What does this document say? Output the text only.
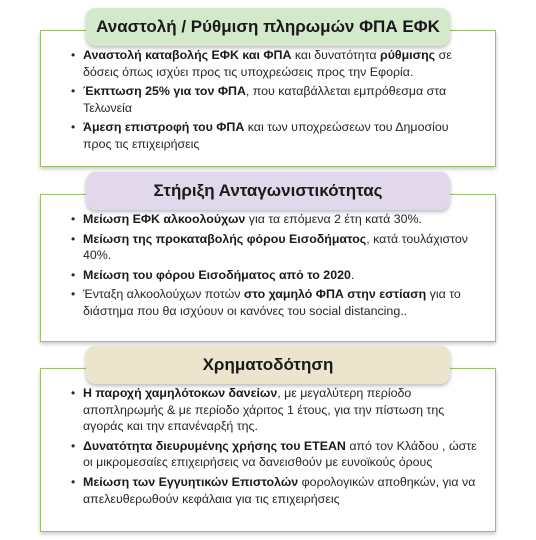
Αναστολή / Ρύθμιση πληρωμών ΦΠΑ ΕΦΚ
• Αναστολή καταβολής ΕΦΚ και ΦΠΑ και δυνατότητα ρύθμισης σε δόσεις όπως ισχύει προς τις υποχρεώσεις προς την Εφορία.
• Έκπτωση 25% για τον ΦΠΑ, που καταβάλλεται εμπρόθεσμα στα Τελωνεία
• Άμεση επιστροφή του ΦΠΑ και των υποχρεώσεων του Δημοσίου προς τις επιχειρήσεις
Στήριξη Ανταγωνιστικότητας
• Μείωση ΕΦΚ αλκοολούχων για τα επόμενα 2 έτη κατά 30%.
• Μείωση της προκαταβολής φόρου Εισοδήματος, κατά τουλάχιστον 40%.
• Μείωση του φόρου Εισοδήματος από το 2020.
• Ένταξη αλκοολούχων ποτών στο χαμηλό ΦΠΑ στην εστίαση για το διάστημα που θα ισχύουν οι κανόνες του social distancing..
Χρηματοδότηση
• Η παροχή χαμηλότοκων δανείων, με μεγαλύτερη περίοδο αποπληρωμής & με περίοδο χάριτος 1 έτους, για την πίστωση της αγοράς και την επανέναρξή της.
• Δυνατότητα διευρυμένης χρήσης του ΕΤΕΑΝ από τον Κλάδου , ώστε οι μικρομεσαίες επιχειρήσεις να δανεισθούν με ευνοϊκούς όρους
• Μείωση των Εγγυητικών Επιστολών φορολογικών αποθηκών, για να απελευθερωθούν κεφάλαια για τις επιχειρήσεις
